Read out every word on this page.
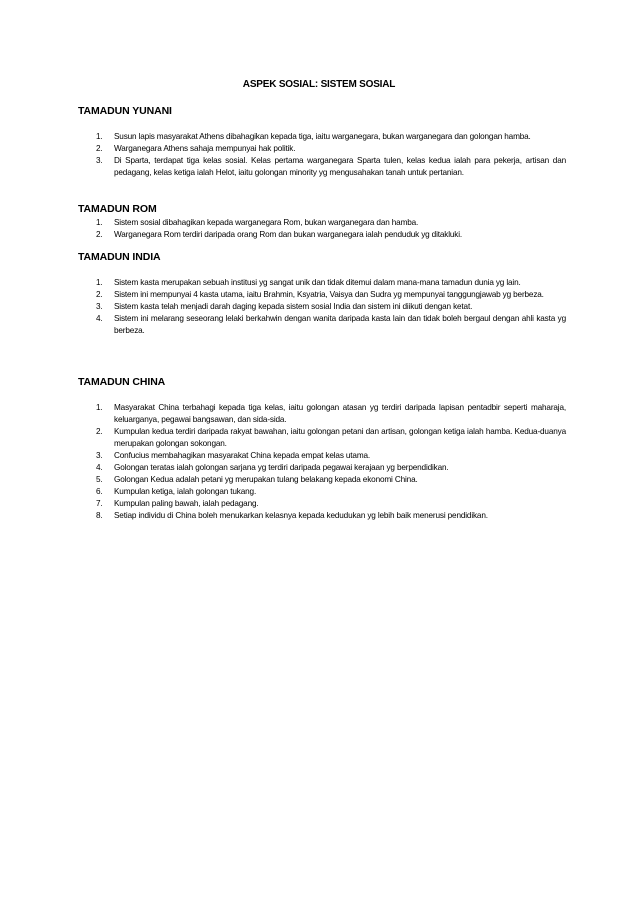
ASPEK SOSIAL: SISTEM SOSIAL
TAMADUN YUNANI
1. Susun lapis masyarakat Athens dibahagikan kepada tiga, iaitu warganegara, bukan warganegara dan golongan hamba.
2. Warganegara Athens sahaja mempunyai hak politik.
3. Di Sparta, terdapat tiga kelas sosial. Kelas pertama warganegara Sparta tulen, kelas kedua ialah para pekerja, artisan dan pedagang, kelas ketiga ialah Helot, iaitu golongan minority yg mengusahakan tanah untuk pertanian.
TAMADUN ROM
1. Sistem sosial dibahagikan kepada warganegara Rom, bukan warganegara dan hamba.
2. Warganegara Rom terdiri daripada orang Rom dan bukan warganegara ialah penduduk yg ditakluki.
TAMADUN INDIA
1. Sistem kasta merupakan sebuah institusi yg sangat unik dan tidak ditemui dalam mana-mana tamadun dunia yg lain.
2. Sistem ini mempunyai 4 kasta utama, iaitu Brahmin, Ksyatria, Vaisya dan Sudra yg mempunyai tanggungjawab yg berbeza.
3. Sistem kasta telah menjadi darah daging kepada sistem sosial India dan sistem ini diikuti dengan ketat.
4. Sistem ini melarang seseorang lelaki berkahwin dengan wanita daripada kasta lain dan tidak boleh bergaul dengan ahli kasta yg berbeza.
TAMADUN CHINA
1. Masyarakat China terbahagi kepada tiga kelas, iaitu golongan atasan yg terdiri daripada lapisan pentadbir seperti maharaja, keluarganya, pegawai bangsawan, dan sida-sida.
2. Kumpulan kedua terdiri daripada rakyat bawahan, iaitu golongan petani dan artisan, golongan ketiga ialah hamba. Kedua-duanya merupakan golongan sokongan.
3. Confucius membahagikan masyarakat China kepada empat kelas utama.
4. Golongan teratas ialah golongan sarjana yg terdiri daripada pegawai kerajaan yg berpendidikan.
5. Golongan Kedua adalah petani yg merupakan tulang belakang kepada ekonomi China.
6. Kumpulan ketiga, ialah golongan tukang.
7. Kumpulan paling bawah, ialah pedagang.
8. Setiap individu di China boleh menukarkan kelasnya kepada kedudukan yg lebih baik menerusi pendidikan.
